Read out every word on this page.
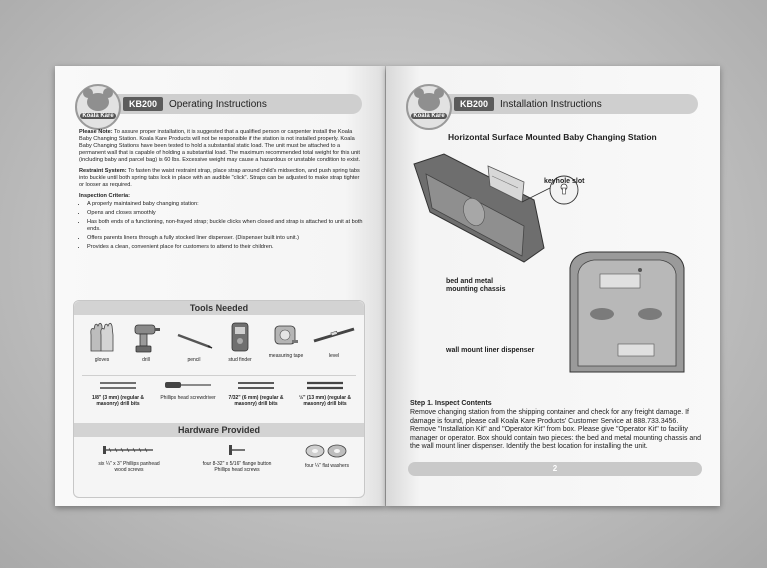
KB200	Operating Instructions
Koala Kare

Please Note: To assure proper installation, it is suggested that a qualified person or carpenter install the Koala Baby Changing Station. Koala Kare Products will not be responsible if the station is not installed properly. Koala Baby Changing Stations have been tested to hold a substantial static load. The unit must be attached to a permanent wall that is capable of holding a substantial load. The maximum recommended total weight for this unit (including baby and parcel bag) is 60 lbs. Excessive weight may cause a hazardous or unstable condition to exist.

Restraint System: To fasten the waist restraint strap, place strap around child's midsection, and push spring tabs into buckle until both spring tabs lock in place with an audible "click". Straps can be adjusted to make strap tighter or looser as required.

Inspection Criteria:

• A properly maintained baby changing station:
• Opens and closes smoothly
• Has both ends of a functioning, non-frayed strap; buckle clicks when closed and strap is attached to unit at both ends.
• Offers parents liners through a fully stocked liner dispenser. (Dispenser built into unit.)
• Provides a clean, convenient place for customers to attend to their children.
Tools Needed
gloves	drill	pencil	stud finder
measuring tape	level
1/8" (3 mm) (regular & masonry) drill bits
Phillips head screwdriver	7/32" (6 mm) (regular & masonry) drill bits
½" (13 mm) (regular & masonry) drill bits
Hardware Provided
six ¼" x 3" Phillips panhead wood screws
four 8-32" x 5/16" flange button Phillips head screws
four ¼" flat washers
KB200	Installation Instructions
Koala Kare
Horizontal Surface Mounted Baby Changing Station
keyhole slot
bed and metal mounting chassis
wall mount liner dispenser
Step 1. Inspect Contents
Remove changing station from the shipping container and check for any freight damage. If damage is found, please call Koala Kare Products' Customer Service at 888.733.3456. Remove "Installation Kit" and "Operator Kit" from box. Please give "Operator Kit" to facility manager or operator. Box should contain two pieces: the bed and metal mounting chassis and the wall mount liner dispenser. Identify the best location for installing the unit.
2
